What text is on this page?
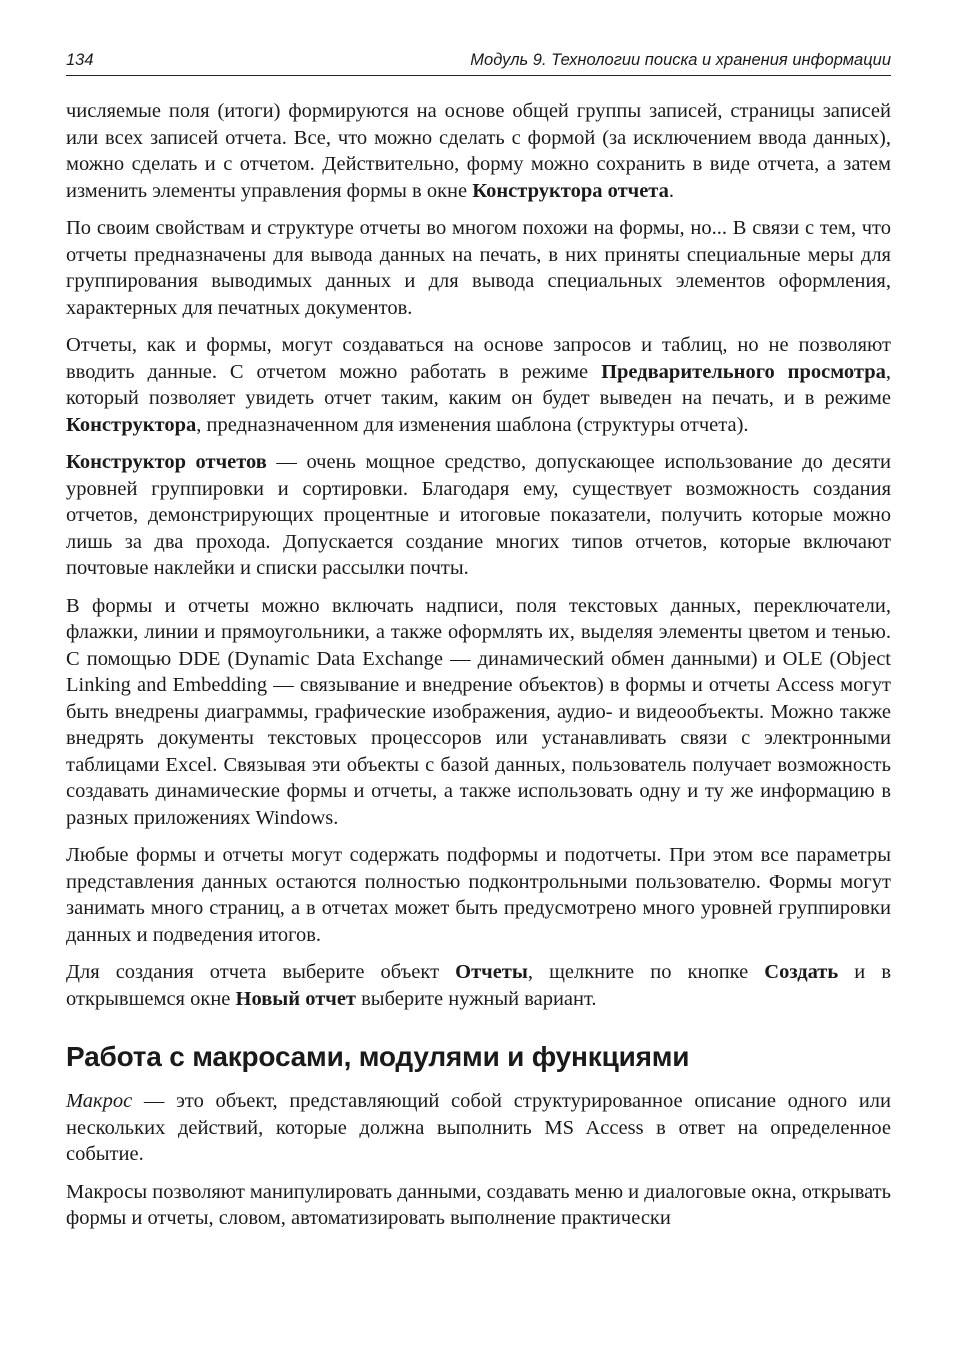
134	Модуль 9. Технологии поиска и хранения информации

числяемые поля (итоги) формируются на основе общей группы записей, страницы записей или всех записей отчета. Все, что можно сделать с формой (за исключением ввода данных), можно сделать и с отчетом. Действительно, форму можно сохранить в виде отчета, а затем изменить элементы управления формы в окне Конструктора отчета.

По своим свойствам и структуре отчеты во многом похожи на формы, но... В связи с тем, что отчеты предназначены для вывода данных на печать, в них приняты специальные меры для группирования выводимых данных и для вывода специальных элементов оформления, характерных для печатных документов.

Отчеты, как и формы, могут создаваться на основе запросов и таблиц, но не позволяют вводить данные. С отчетом можно работать в режиме Предварительного просмотра, который позволяет увидеть отчет таким, каким он будет выведен на печать, и в режиме Конструктора, предназначенном для изменения шаблона (структуры отчета).

Конструктор отчетов — очень мощное средство, допускающее использование до десяти уровней группировки и сортировки. Благодаря ему, существует возможность создания отчетов, демонстрирующих процентные и итоговые показатели, получить которые можно лишь за два прохода. Допускается создание многих типов отчетов, которые включают почтовые наклейки и списки рассылки почты.

В формы и отчеты можно включать надписи, поля текстовых данных, переключатели, флажки, линии и прямоугольники, а также оформлять их, выделяя элементы цветом и тенью. С помощью DDE (Dynamic Data Exchange — динамический обмен данными) и OLE (Object Linking and Embedding — связывание и внедрение объектов) в формы и отчеты Access могут быть внедрены диаграммы, графические изображения, аудио- и видеообъекты. Можно также внедрять документы текстовых процессоров или устанавливать связи с электронными таблицами Excel. Связывая эти объекты с базой данных, пользователь получает возможность создавать динамические формы и отчеты, а также использовать одну и ту же информацию в разных приложениях Windows.

Любые формы и отчеты могут содержать подформы и подотчеты. При этом все параметры представления данных остаются полностью подконтрольными пользователю. Формы могут занимать много страниц, а в отчетах может быть предусмотрено много уровней группировки данных и подведения итогов.

Для создания отчета выберите объект Отчеты, щелкните по кнопке Создать и в открывшемся окне Новый отчет выберите нужный вариант.

Работа с макросами, модулями и функциями

Макрос — это объект, представляющий собой структурированное описание одного или нескольких действий, которые должна выполнить MS Access в ответ на определенное событие.

Макросы позволяют манипулировать данными, создавать меню и диалоговые окна, открывать формы и отчеты, словом, автоматизировать выполнение практически
